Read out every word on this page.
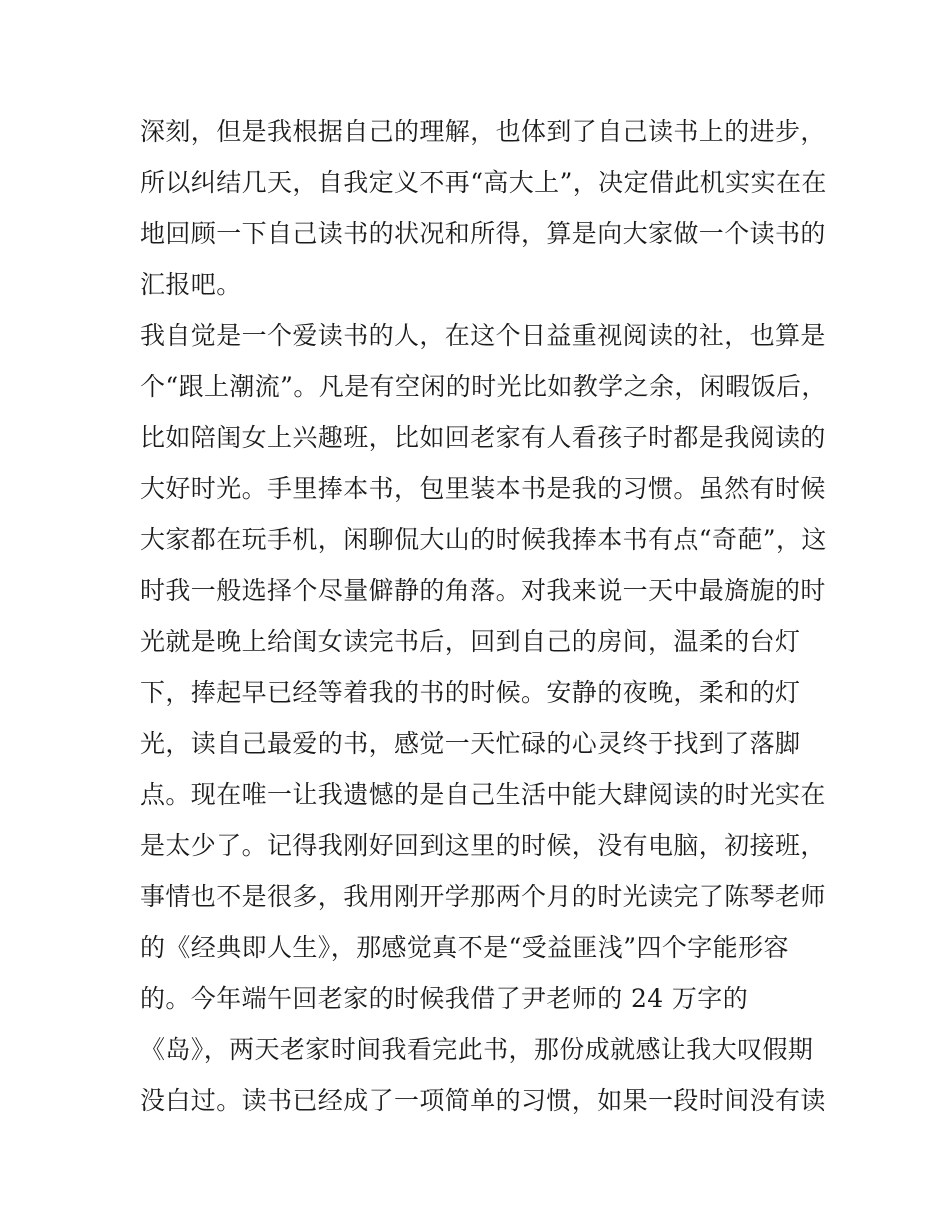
深刻，但是我根据自己的理解，也体到了自己读书上的进步，
所以纠结几天，自我定义不再“高大上”，决定借此机实实在在
地回顾一下自己读书的状况和所得，算是向大家做一个读书的
汇报吧。
我自觉是一个爱读书的人，在这个日益重视阅读的社，也算是
个“跟上潮流”。凡是有空闲的时光比如教学之余，闲暇饭后，
比如陪闺女上兴趣班，比如回老家有人看孩子时都是我阅读的
大好时光。手里捧本书，包里装本书是我的习惯。虽然有时候
大家都在玩手机，闲聊侃大山的时候我捧本书有点“奇葩”，这
时我一般选择个尽量僻静的角落。对我来说一天中最旖旎的时
光就是晚上给闺女读完书后，回到自己的房间，温柔的台灯
下，捧起早已经等着我的书的时候。安静的夜晚，柔和的灯
光，读自己最爱的书，感觉一天忙碌的心灵终于找到了落脚
点。现在唯一让我遗憾的是自己生活中能大肆阅读的时光实在
是太少了。记得我刚好回到这里的时候，没有电脑，初接班，
事情也不是很多，我用刚开学那两个月的时光读完了陈琴老师
的《经典即人生》，那感觉真不是“受益匪浅”四个字能形容
的。今年端午回老家的时候我借了尹老师的 24 万字的
《岛》，两天老家时间我看完此书，那份成就感让我大叹假期
没白过。读书已经成了一项简单的习惯，如果一段时间没有读
